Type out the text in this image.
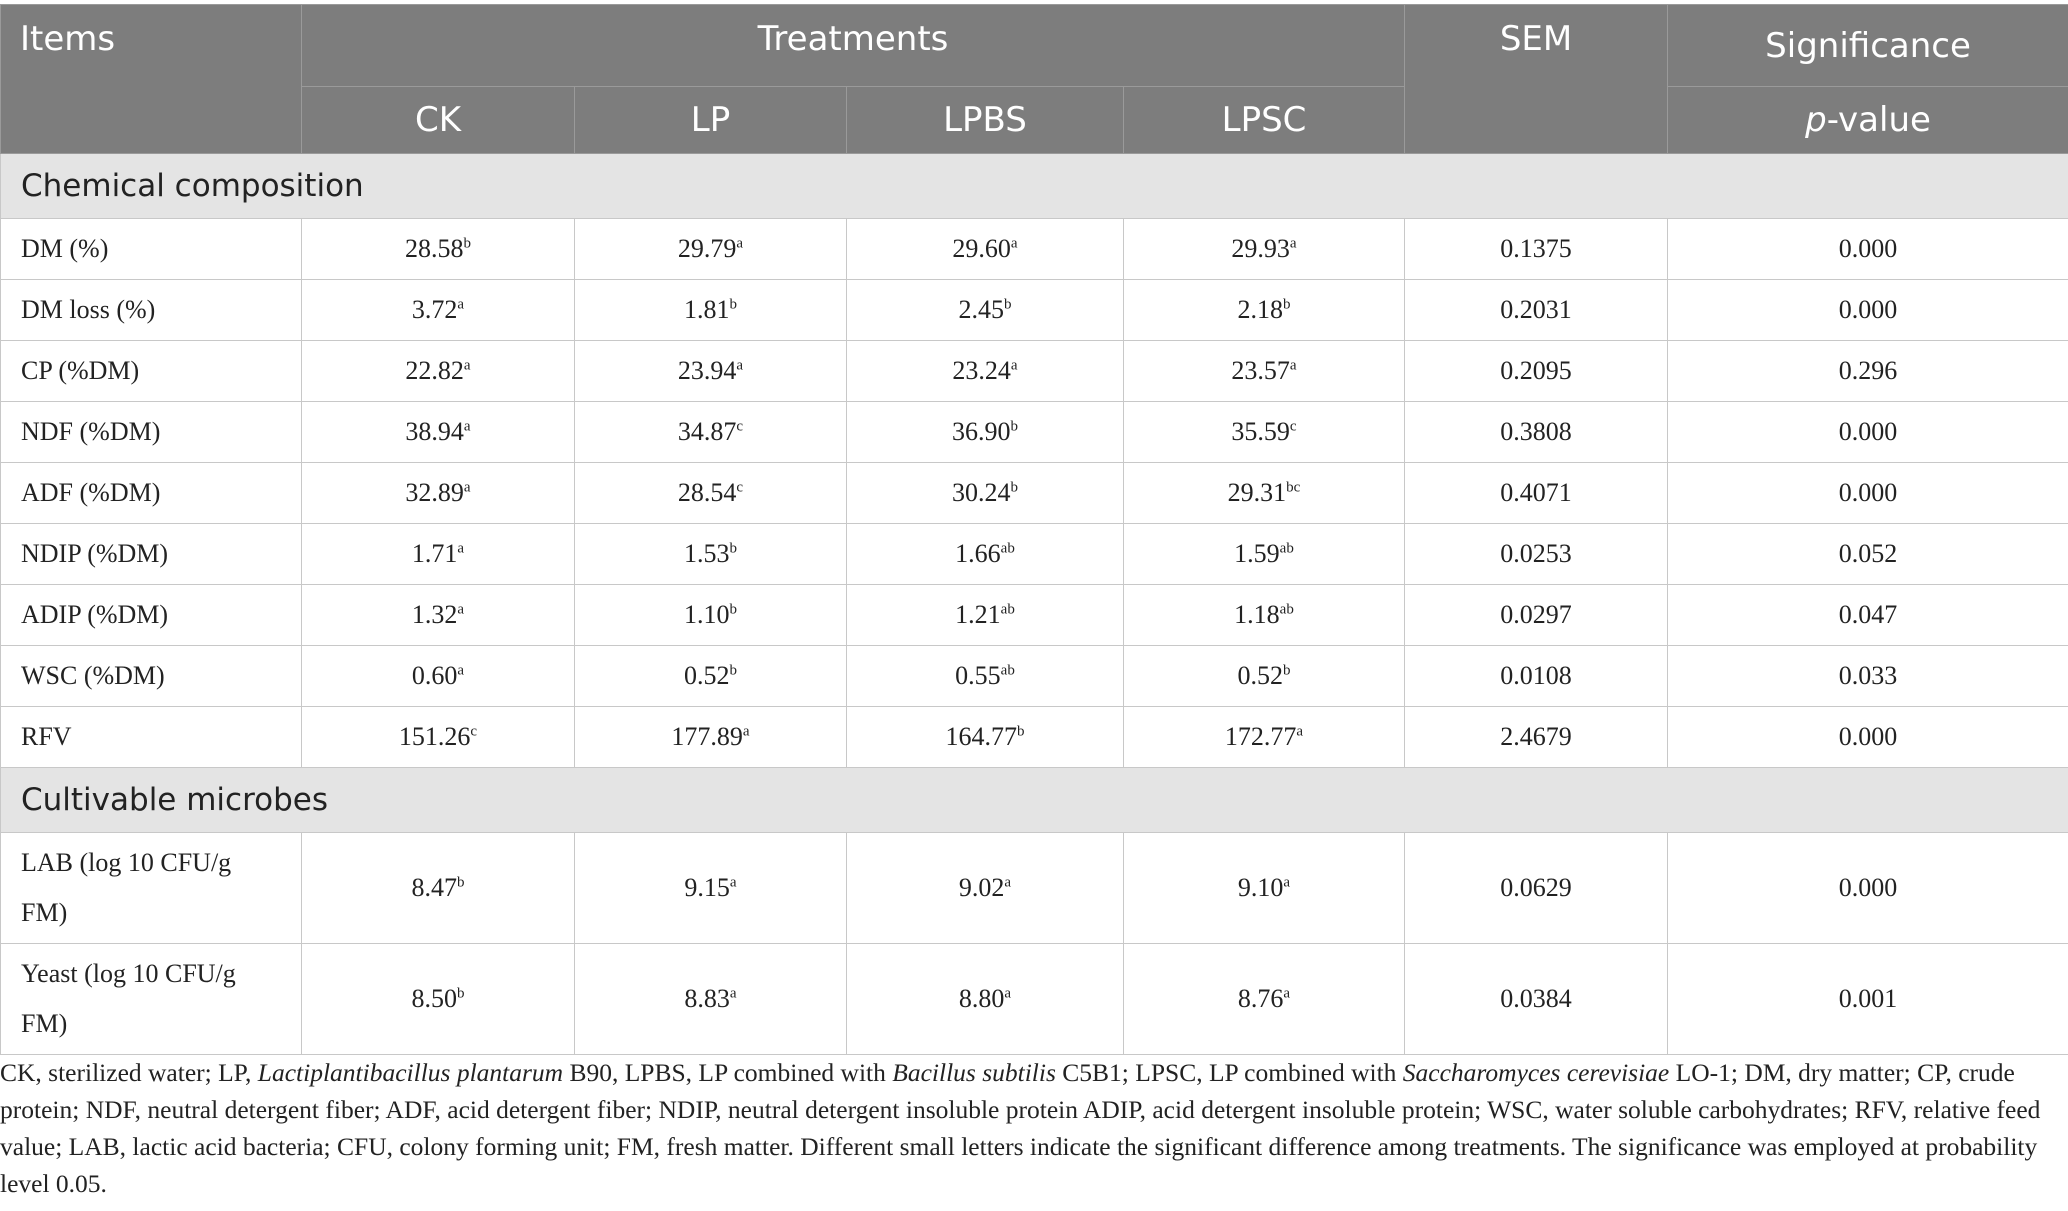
Items	Treatments				SEM	Significance
	CK	LP	LPBS	LPSC		p-value
Chemical composition						
DM (%)	28.58$^b$	29.79$^a$	29.60$^a$	29.93$^a$	0.1375	0.000
DM loss (%)	3.72$^a$	1.81$^b$	2.45$^b$	2.18$^b$	0.2031	0.000
CP (%DM)	22.82$^a$	23.94$^a$	23.24$^a$	23.57$^a$	0.2095	0.296
NDF (%DM)	38.94$^a$	34.87$^c$	36.90$^b$	35.59$^c$	0.3808	0.000
ADF (%DM)	32.89$^a$	28.54$^c$	30.24$^b$	29.31$^{bc}$	0.4071	0.000
NDIP (%DM)	1.71$^a$	1.53$^b$	1.66$^{ab}$	1.59$^{ab}$	0.0253	0.052
ADIP (%DM)	1.32$^a$	1.10$^b$	1.21$^{ab}$	1.18$^{ab}$	0.0297	0.047
WSC (%DM)	0.60$^a$	0.52$^b$	0.55$^{ab}$	0.52$^b$	0.0108	0.033
RFV	151.26$^c$	177.89$^a$	164.77$^b$	172.77$^a$	2.4679	0.000
Cultivable microbes						
LAB (log 10 CFU/g
FM)	8.47$^b$	9.15$^a$	9.02$^a$	9.10$^a$	0.0629	0.000
Yeast (log 10 CFU/g
FM)	8.50$^b$	8.83$^a$	8.80$^a$	8.76$^a$	0.0384	0.001

CK, sterilized water; LP, Lactiplantibacillus plantarum B90, LPBS, LP combined with Bacillus subtilis C5B1; LPSC, LP combined with Saccharomyces cerevisiae LO-1; DM, dry matter; CP, crude protein; NDF, neutral detergent fiber; ADF, acid detergent fiber; NDIP, neutral detergent insoluble protein ADIP, acid detergent insoluble protein; WSC, water soluble carbohydrates; RFV, relative feed value; LAB, lactic acid bacteria; CFU, colony forming unit; FM, fresh matter. Different small letters indicate the significant difference among treatments. The significance was employed at probability level 0.05.
